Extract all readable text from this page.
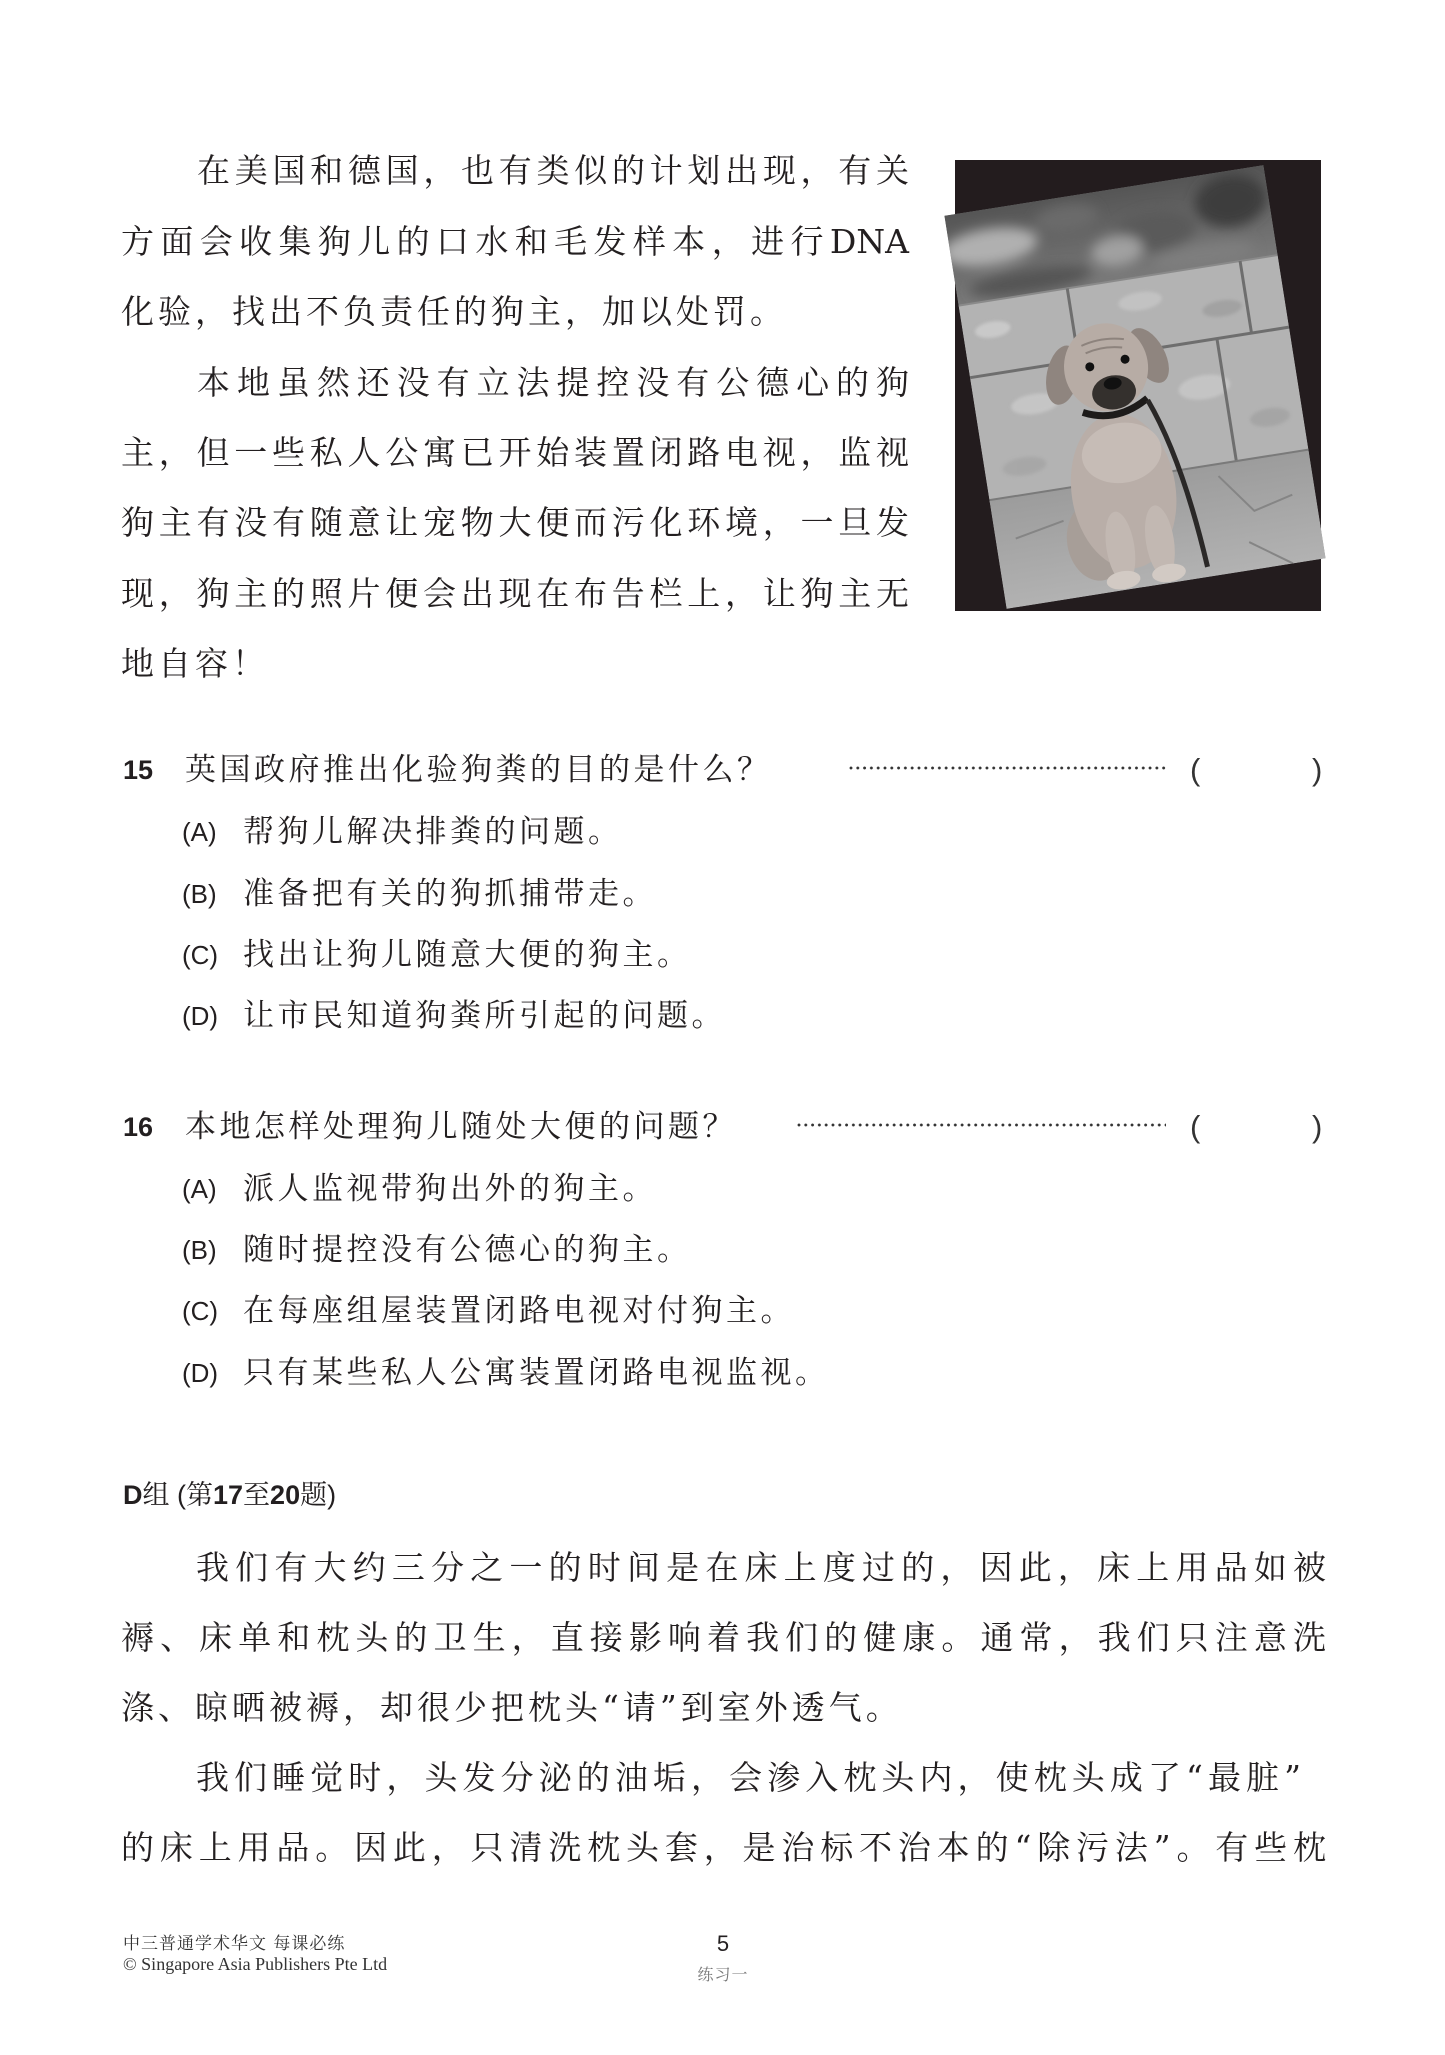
在美国和德国，也有类似的计划出现，有关
方面会收集狗儿的口水和毛发样本，进行DNA
化验，找出不负责任的狗主，加以处罚。
本地虽然还没有立法提控没有公德心的狗
主，但一些私人公寓已开始装置闭路电视，监视
狗主有没有随意让宠物大便而污化环境，一旦发
现，狗主的照片便会出现在布告栏上，让狗主无
地自容！
15 英国政府推出化验狗粪的目的是什么？	(	)
(A) 帮狗儿解决排粪的问题。
(B) 准备把有关的狗抓捕带走。
(C) 找出让狗儿随意大便的狗主。
(D) 让市民知道狗粪所引起的问题。
16 本地怎样处理狗儿随处大便的问题？	(	)
(A) 派人监视带狗出外的狗主。
(B) 随时提控没有公德心的狗主。
(C) 在每座组屋装置闭路电视对付狗主。
(D) 只有某些私人公寓装置闭路电视监视。
D组 (第17至20题)
我们有大约三分之一的时间是在床上度过的，因此，床上用品如被
褥、床单和枕头的卫生，直接影响着我们的健康。通常，我们只注意洗
涤、晾晒被褥，却很少把枕头“请”到室外透气。
我们睡觉时，头发分泌的油垢，会渗入枕头内，使枕头成了“最脏”
的床上用品。因此，只清洗枕头套，是治标不治本的“除污法”。有些枕
中三普通学术华文 每课必练
© Singapore Asia Publishers Pte Ltd
5
练习一
